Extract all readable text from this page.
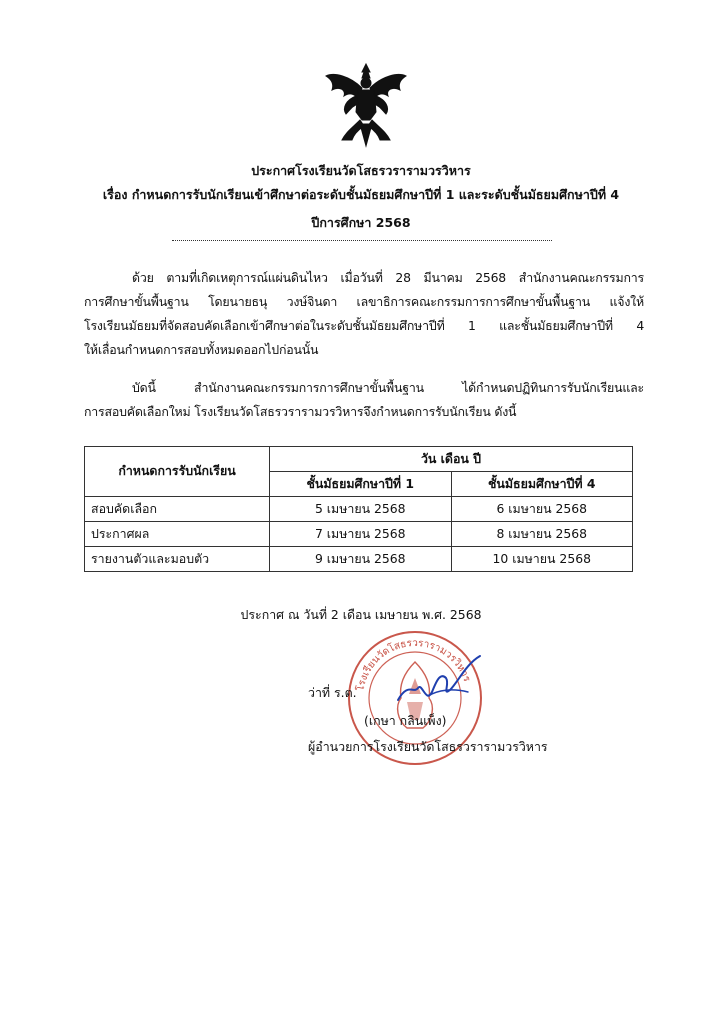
ประกาศโรงเรียนวัดโสธรวรารามวรวิหาร
เรื่อง กำหนดการรับนักเรียนเข้าศึกษาต่อระดับชั้นมัธยมศึกษาปีที่ 1 และระดับชั้นมัธยมศึกษาปีที่ 4
ปีการศึกษา 2568
ด้วย ตามที่เกิดเหตุการณ์แผ่นดินไหว เมื่อวันที่ 28 มีนาคม 2568 สำนักงานคณะกรรมการ
การศึกษาขั้นพื้นฐาน โดยนายธนุ วงษ์จินดา เลขาธิการคณะกรรมการการศึกษาขั้นพื้นฐาน แจ้งให้
โรงเรียนมัธยมที่จัดสอบคัดเลือกเข้าศึกษาต่อในระดับชั้นมัธยมศึกษาปีที่ 1 และชั้นมัธยมศึกษาปีที่ 4
ให้เลื่อนกำหนดการสอบทั้งหมดออกไปก่อนนั้น
บัดนี้ สำนักงานคณะกรรมการการศึกษาขั้นพื้นฐาน ได้กำหนดปฏิทินการรับนักเรียนและ
การสอบคัดเลือกใหม่ โรงเรียนวัดโสธรวรารามวรวิหารจึงกำหนดการรับนักเรียน ดังนี้
กำหนดการรับนักเรียน	วัน เดือน ปี	
	ชั้นมัธยมศึกษาปีที่ 1	ชั้นมัธยมศึกษาปีที่ 4
สอบคัดเลือก	5 เมษายน 2568	6 เมษายน 2568
ประกาศผล	7 เมษายน 2568	8 เมษายน 2568
รายงานตัวและมอบตัว	9 เมษายน 2568	10 เมษายน 2568
ประกาศ ณ วันที่ 2 เดือน เมษายน พ.ศ. 2568
โรงเรียนวัดโสธรวรารามวรวิหาร
ว่าที่ ร.ต.
(เกษา กลินเพ็ง)
ผู้อำนวยการโรงเรียนวัดโสธรวรารามวรวิหาร
